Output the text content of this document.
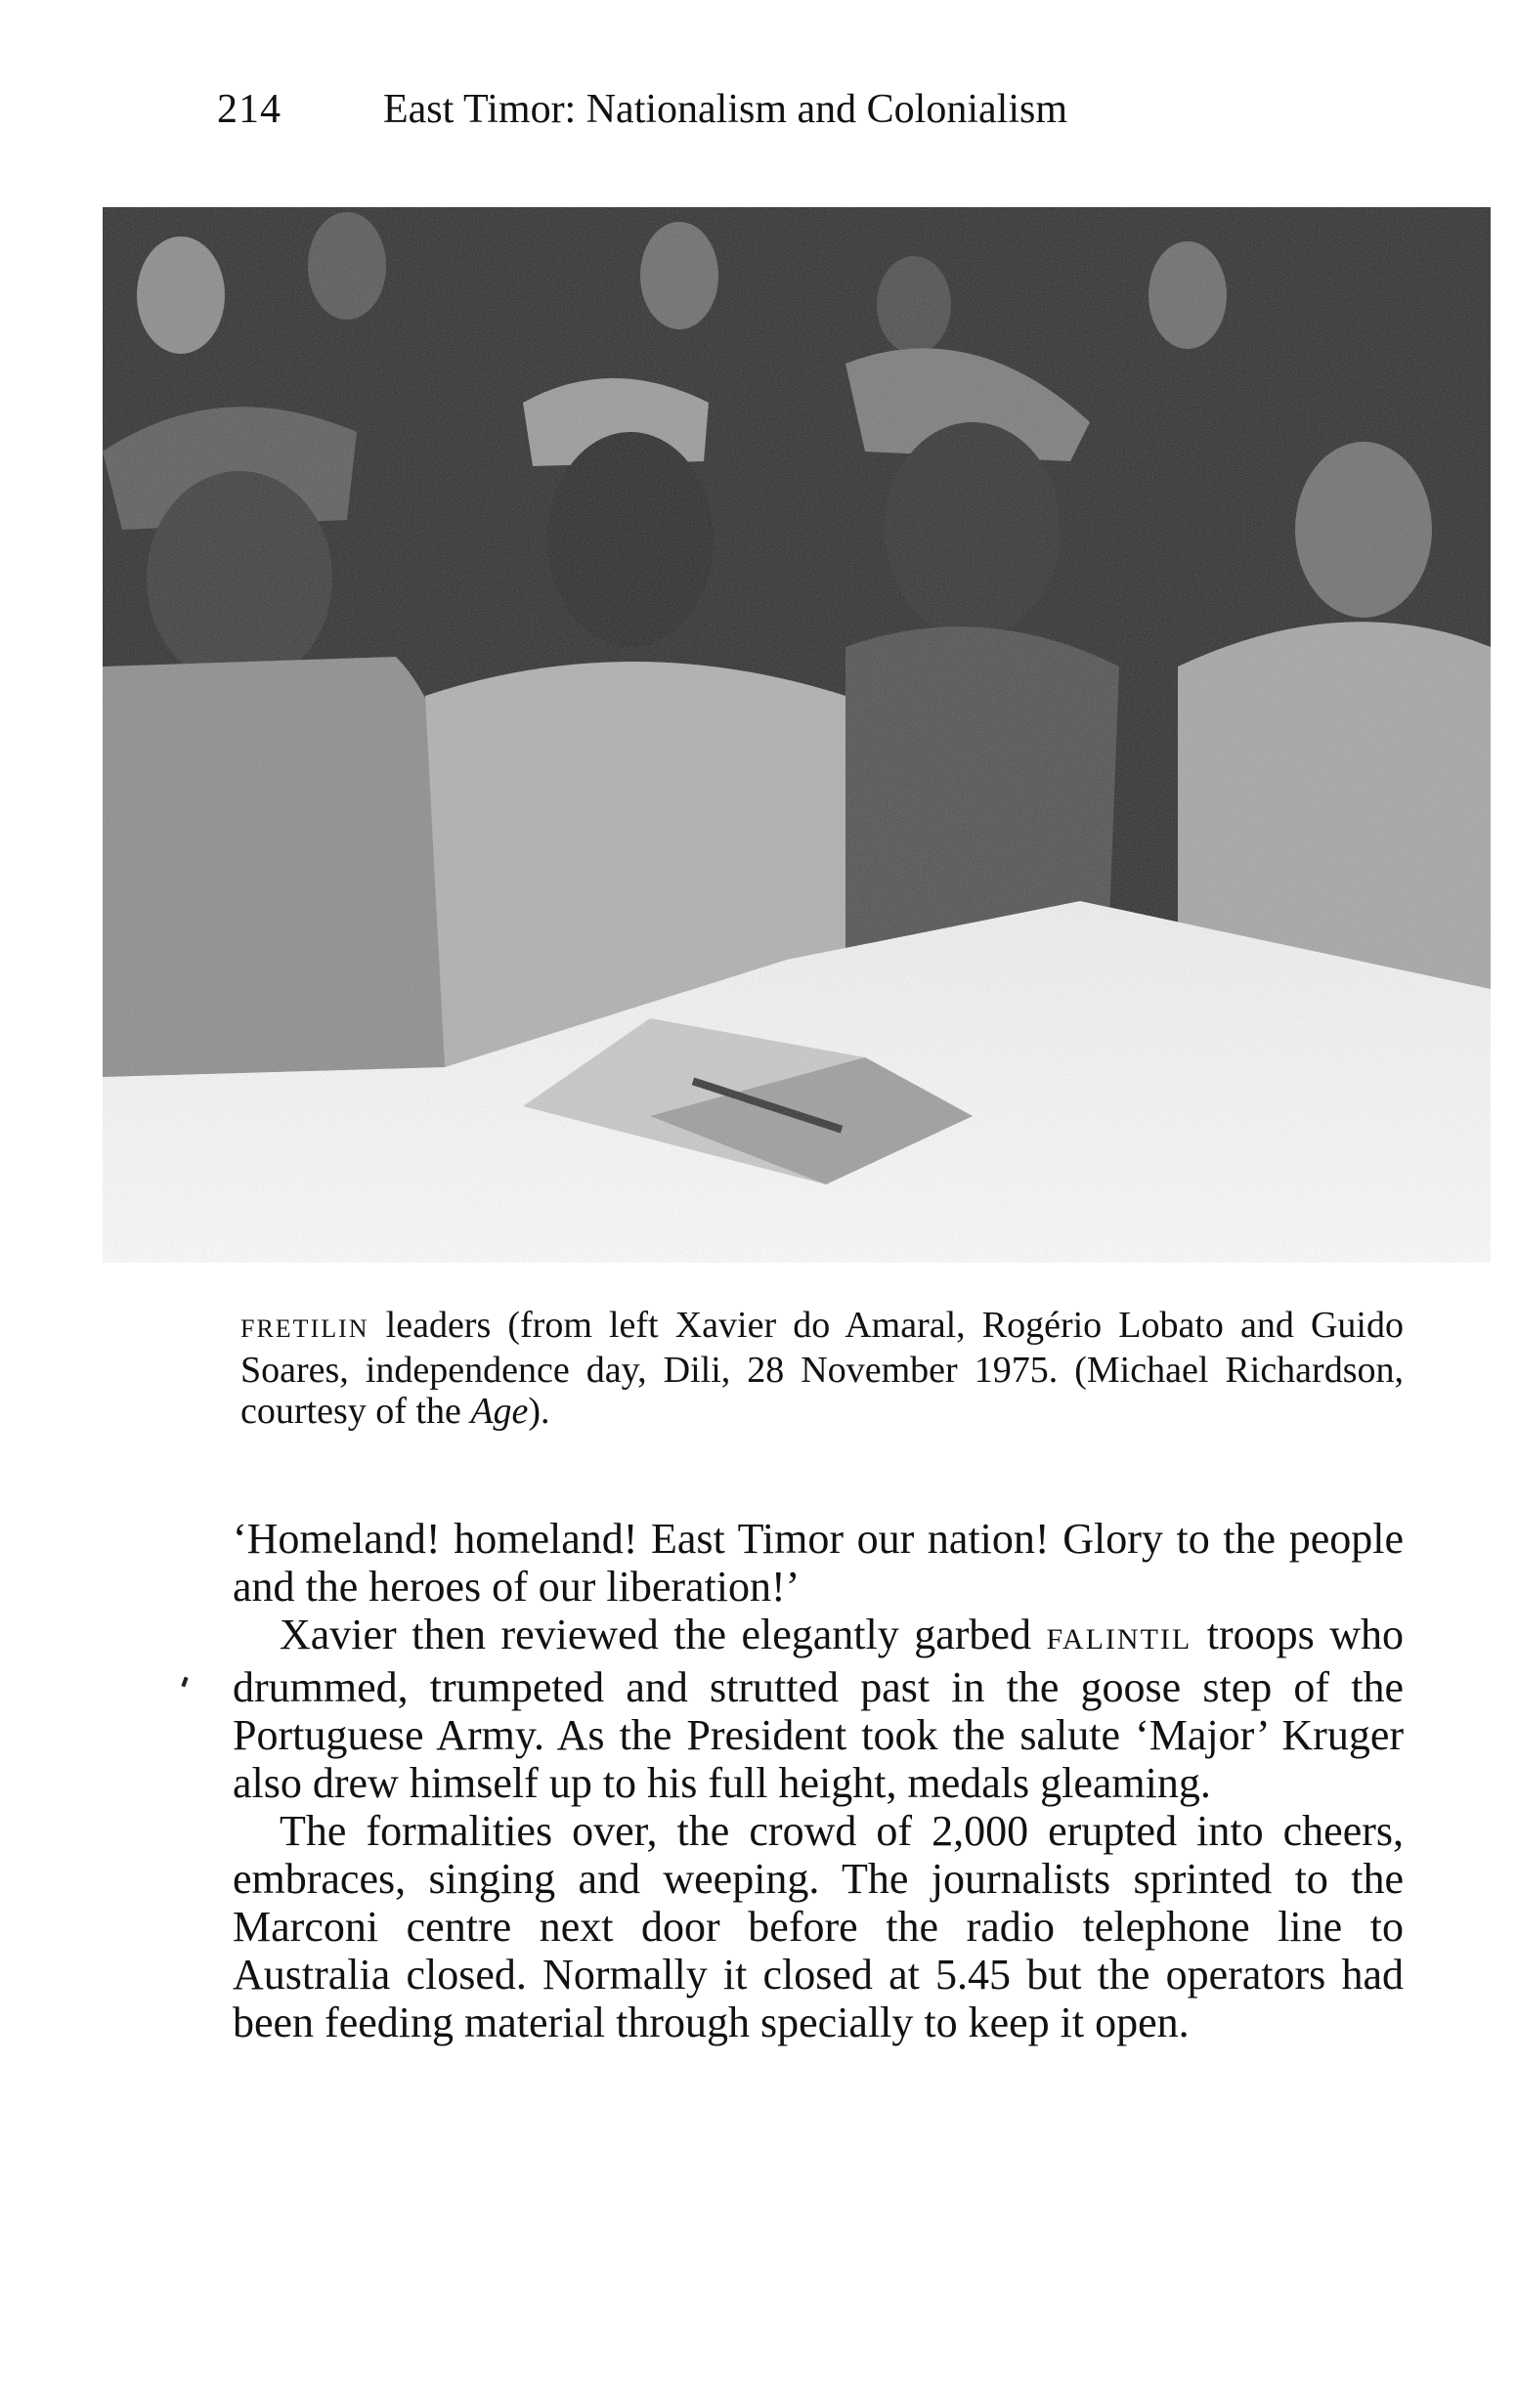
214	East Timor: Nationalism and Colonialism
FRETILIN leaders (from left Xavier do Amaral, Rogério Lobato and Guido Soares, independence day, Dili, 28 November 1975. (Michael Richardson, courtesy of the Age).

‘Homeland! homeland! East Timor our nation! Glory to the people and the heroes of our liberation!’

Xavier then reviewed the elegantly garbed FALINTIL troops who drummed, trumpeted and strutted past in the goose step of the Portuguese Army. As the President took the salute ‘Major’ Kruger also drew himself up to his full height, medals gleaming.

The formalities over, the crowd of 2,000 erupted into cheers, embraces, singing and weeping. The journalists sprinted to the Marconi centre next door before the radio telephone line to Australia closed. Normally it closed at 5.45 but the operators had been feeding material through specially to keep it open.
